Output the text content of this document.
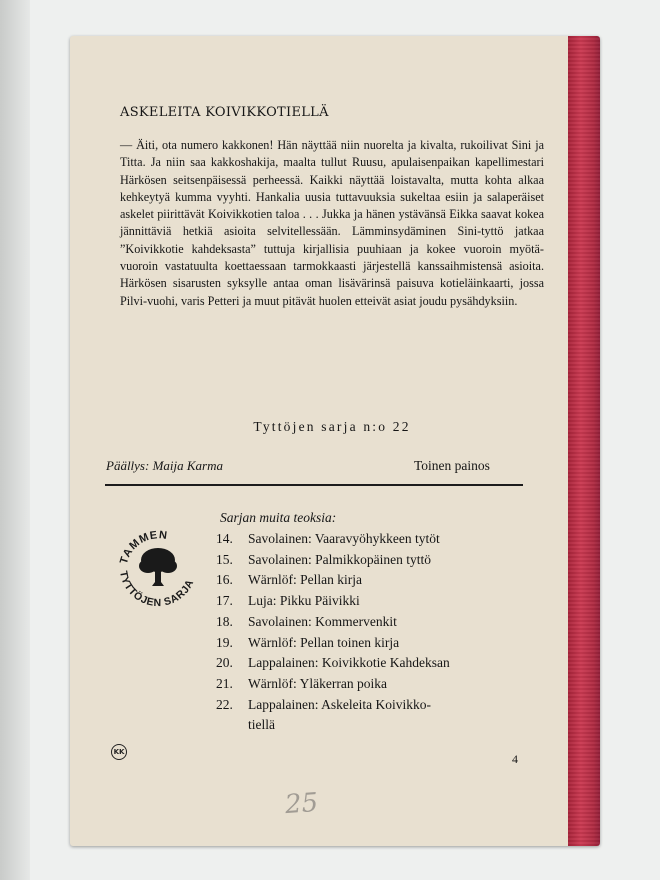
ASKELEITA KOIVIKKOTIELLÄ
— Äiti, ota numero kakkonen! Hän näyttää niin nuorelta ja kivalta, rukoilivat Sini ja Titta. Ja niin saa kakkoshakija, maalta tullut Ruusu, apulaisenpaikan kapellimestari Härkösen seitsenpäisessä perheessä. Kaikki näyttää loistavalta, mutta kohta alkaa kehkeytyä kumma vyyhti. Hankalia uusia tuttavuuksia sukeltaa esiin ja salaperäiset askelet piirittävät Koivikkotien taloa . . . Jukka ja hänen ystävänsä Eikka saavat kokea jännittäviä hetkiä asioita selvitellessään. Lämminsydäminen Sini-tyttö jatkaa ”Koivikkotie kahdeksasta” tuttuja kirjallisia puuhiaan ja kokee vuoroin myötä- vuoroin vastatuulta koettaessaan tarmokkaasti järjestellä kanssaihmistensä asioita. Härkösen sisarusten syksylle antaa oman lisävärinsä paisuva kotieläinkaarti, jossa Pilvi-vuohi, varis Petteri ja muut pitävät huolen etteivät asiat joudu pysähdyksiin.
Tyttöjen sarja n:o 22
Päällys: Maija Karma	Toinen painos
TAMMEN
TYTTÖJEN SARJA
Sarjan muita teoksia:
14.	Savolainen: Vaaravyöhykkeen tytöt
15.	Savolainen: Palmikkopäinen tyttö
16.	Wärnlöf: Pellan kirja
17.	Luja: Pikku Päivikki
18.	Savolainen: Kommervenkit
19.	Wärnlöf: Pellan toinen kirja
20.	Lappalainen: Koivikkotie Kahdeksan
21.	Wärnlöf: Yläkerran poika
22.	Lappalainen: Askeleita Koivikko-
tiellä
KK	4
25
